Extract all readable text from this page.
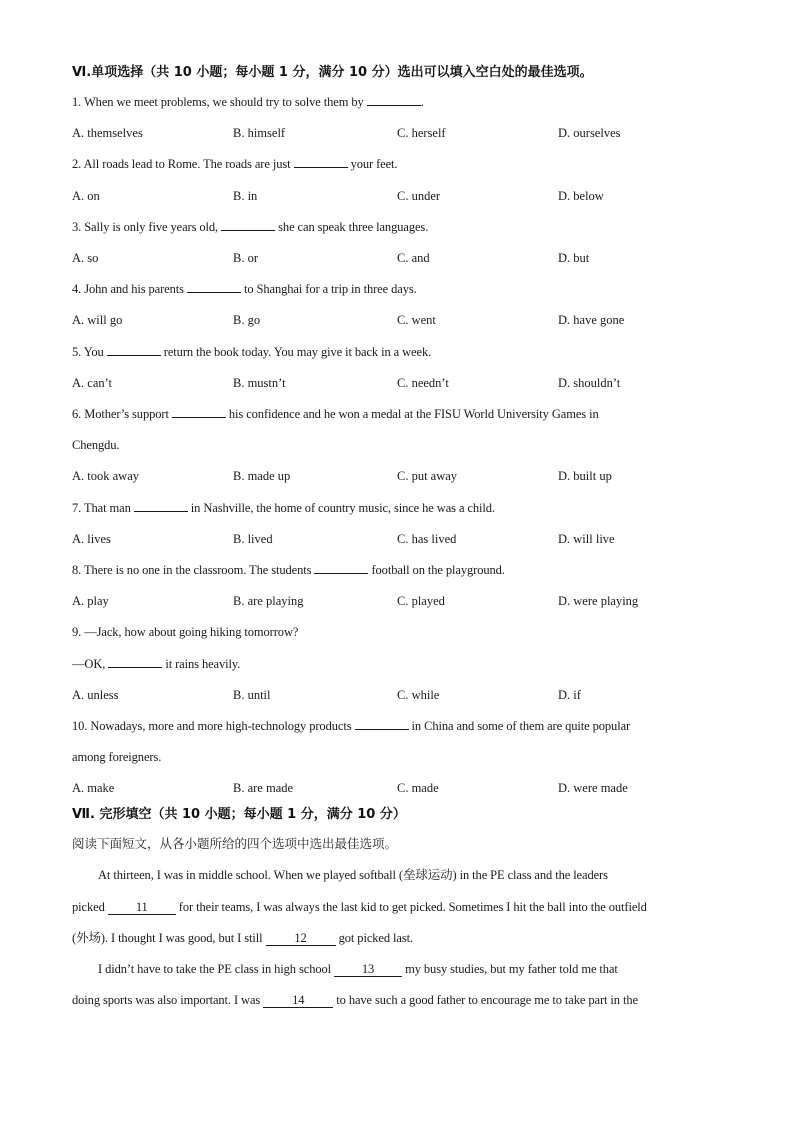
Ⅵ.单项选择（共 10 小题；每小题 1 分，满分 10 分）选出可以填入空白处的最佳选项。
1. When we meet problems, we should try to solve them by	.
A. themselves	B. himself	C. herself	D. ourselves
2. All roads lead to Rome. The roads are just	your feet.
A. on	B. in	C. under	D. below
3. Sally is only five years old,	she can speak three languages.
A. so	B. or	C. and	D. but
4. John and his parents	to Shanghai for a trip in three days.
A. will go	B. go	C. went	D. have gone
5. You	return the book today. You may give it back in a week.
A. can’t	B. mustn’t	C. needn’t	D. shouldn’t
6. Mother’s support	his confidence and he won a medal at the FISU World University Games in
Chengdu.
A. took away	B. made up	C. put away	D. built up
7. That man	in Nashville, the home of country music, since he was a child.
A. lives	B. lived	C. has lived	D. will live
8. There is no one in the classroom. The students	football on the playground.
A. play	B. are playing	C. played	D. were playing
9. —Jack, how about going hiking tomorrow?
—OK,	it rains heavily.
A. unless	B. until	C. while	D. if
10. Nowadays, more and more high-technology products	in China and some of them are quite popular
among foreigners.
A. make	B. are made	C. made	D. were made
Ⅶ. 完形填空（共 10 小题；每小题 1 分，满分 10 分）
阅读下面短文，从各小题所给的四个选项中选出最佳选项。
At thirteen, I was in middle school. When we played softball (垒球运动) in the PE class and the leaders
picked 11 for their teams, I was always the last kid to get picked. Sometimes I hit the ball into the outfield
(外场). I thought I was good, but I still	12	got picked last.
I didn’t have to take the PE class in high school 13 my busy studies, but my father told me that
doing sports was also important. I was	14	to have such a good father to encourage me to take part in the
